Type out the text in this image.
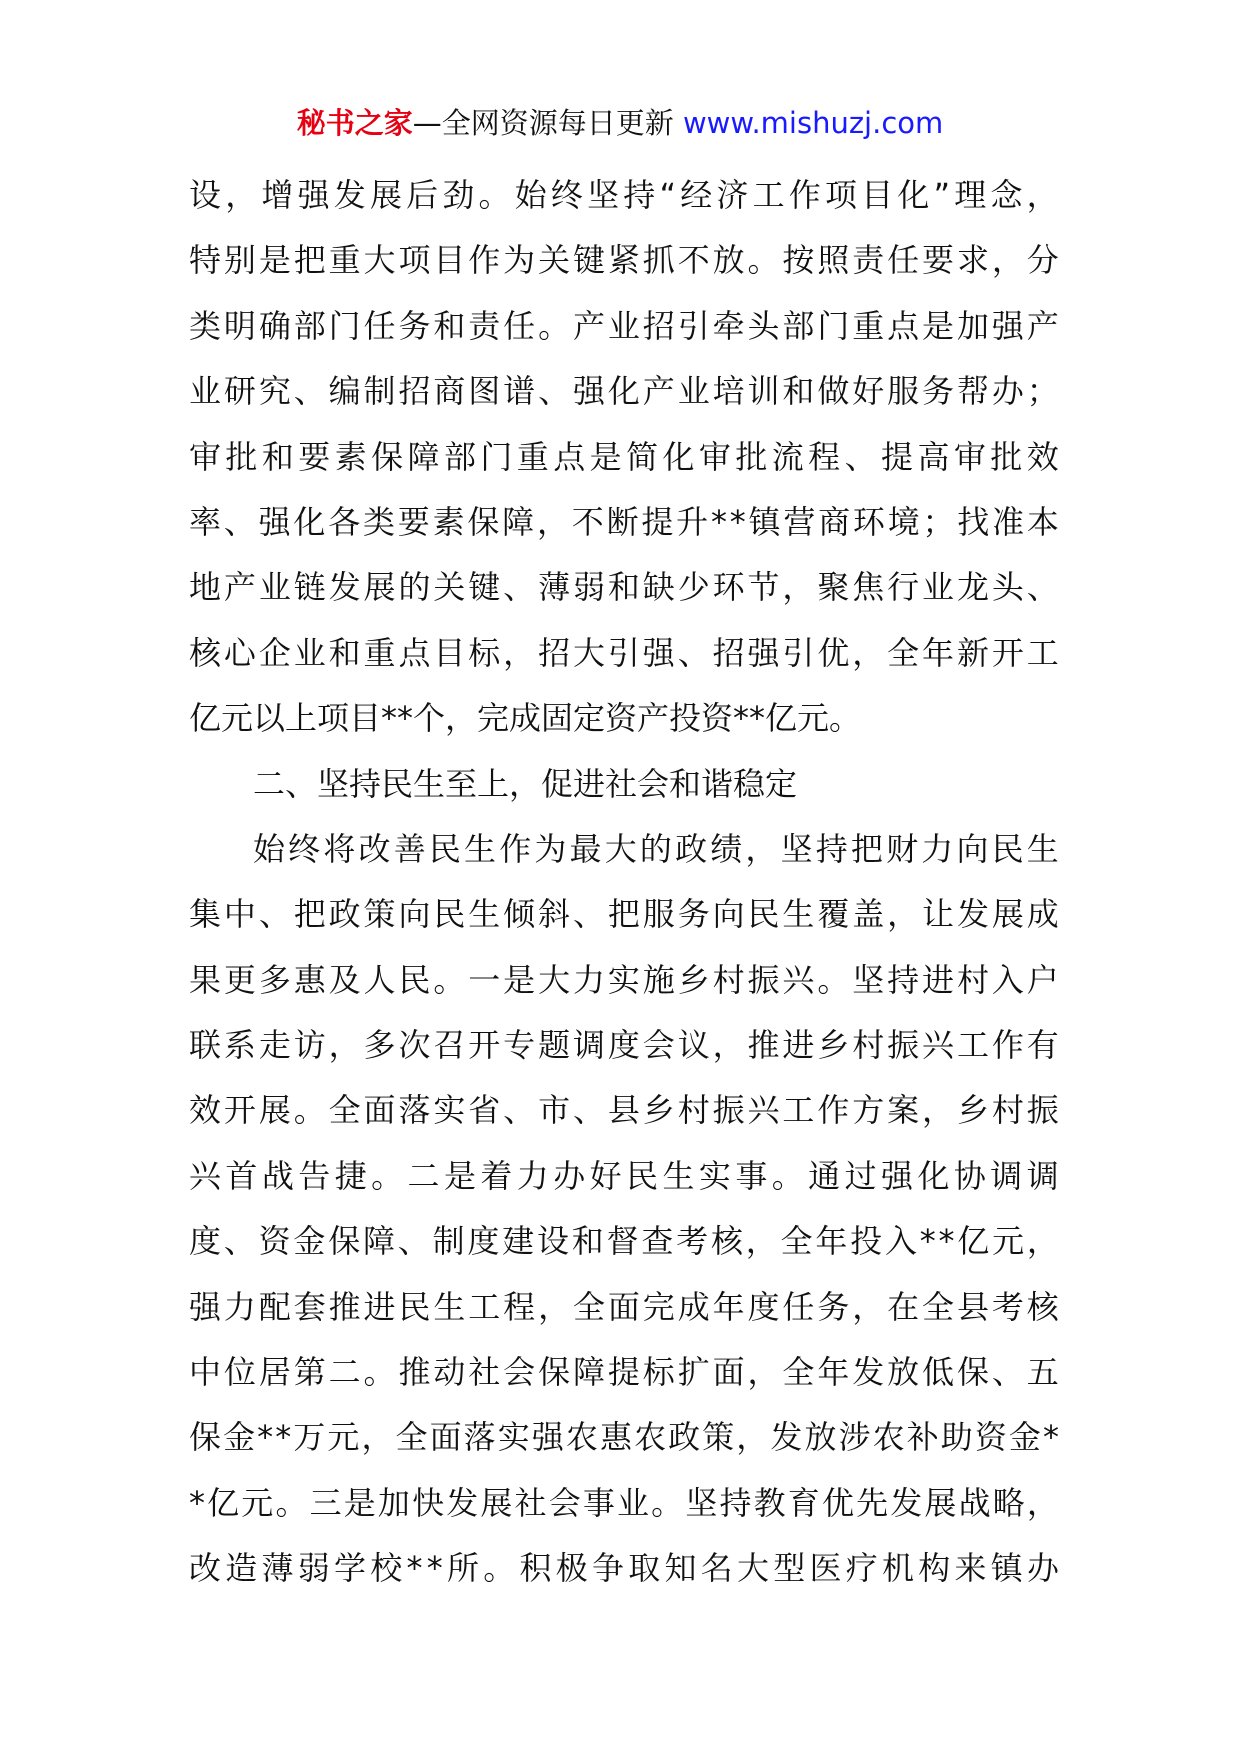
秘书之家—全网资源每日更新 www.mishuzj.com
设 ， 增 强 发 展 后 劲 。 始 终 坚 持 “ 经 济 工 作 项 目 化 ” 理 念 ，
特 别 是 把 重 大 项 目 作 为 关 键 紧 抓 不 放 。 按 照 责 任 要 求 ， 分
类 明 确 部 门 任 务 和 责 任 。 产 业 招 引 牵 头 部 门 重 点 是 加 强 产
业 研 究 、 编 制 招 商 图 谱 、 强 化 产 业 培 训 和 做 好 服 务 帮 办 ；
审 批 和 要 素 保 障 部 门 重 点 是 简 化 审 批 流 程 、 提 高 审 批 效
率 、 强 化 各 类 要 素 保 障 ， 不 断 提 升 * * 镇 营 商 环 境 ； 找 准 本
地 产 业 链 发 展 的 关 键 、 薄 弱 和 缺 少 环 节 ， 聚 焦 行 业 龙 头 、
核 心 企 业 和 重 点 目 标 ， 招 大 引 强 、 招 强 引 优 ， 全 年 新 开 工
亿元以上项目**个，完成固定资产投资**亿元。
二、坚持民生至上，促进社会和谐稳定
始 终 将 改 善 民 生 作 为 最 大 的 政 绩 ， 坚 持 把 财 力 向 民 生
集 中 、 把 政 策 向 民 生 倾 斜 、 把 服 务 向 民 生 覆 盖 ， 让 发 展 成
果 更 多 惠 及 人 民 。 一 是 大 力 实 施 乡 村 振 兴 。 坚 持 进 村 入 户
联 系 走 访 ， 多 次 召 开 专 题 调 度 会 议 ， 推 进 乡 村 振 兴 工 作 有
效 开 展 。 全 面 落 实 省 、 市 、 县 乡 村 振 兴 工 作 方 案 ， 乡 村 振
兴 首 战 告 捷 。 二 是 着 力 办 好 民 生 实 事 。 通 过 强 化 协 调 调
度 、 资 金 保 障 、 制 度 建 设 和 督 查 考 核 ， 全 年 投 入 * * 亿 元 ，
强 力 配 套 推 进 民 生 工 程 ， 全 面 完 成 年 度 任 务 ， 在 全 县 考 核
中 位 居 第 二 。 推 动 社 会 保 障 提 标 扩 面 ， 全 年 发 放 低 保 、 五
保 金 * * 万 元 ， 全 面 落 实 强 农 惠 农 政 策 ， 发 放 涉 农 补 助 资 金 *
* 亿 元 。 三 是 加 快 发 展 社 会 事 业 。 坚 持 教 育 优 先 发 展 战 略 ，
改 造 薄 弱 学 校 * * 所 。 积 极 争 取 知 名 大 型 医 疗 机 构 来 镇 办
